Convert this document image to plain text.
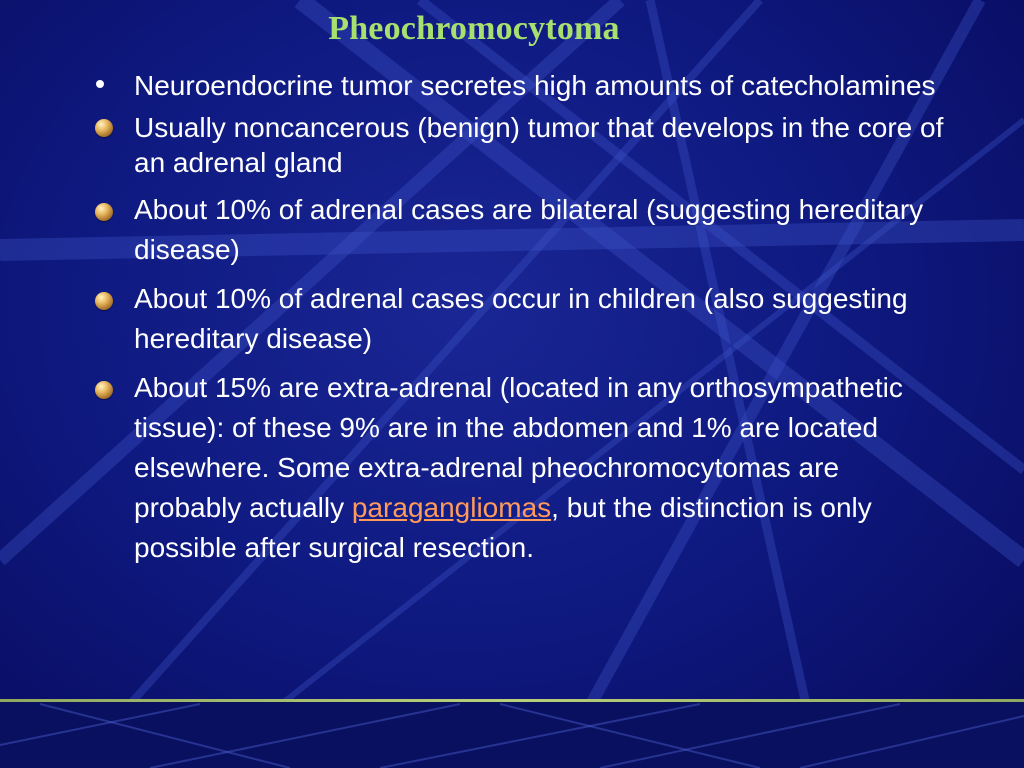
Pheochromocytoma
Neuroendocrine tumor secretes high amounts of catecholamines
Usually noncancerous (benign) tumor that develops in the core of an adrenal gland
About 10% of adrenal cases are bilateral (suggesting hereditary disease)
About 10% of adrenal cases occur in children (also suggesting hereditary disease)
About 15% are extra-adrenal (located in any orthosympathetic tissue): of these 9% are in the abdomen and 1% are located elsewhere. Some extra-adrenal pheochromocytomas are probably actually paragangliomas, but the distinction is only possible after surgical resection.
